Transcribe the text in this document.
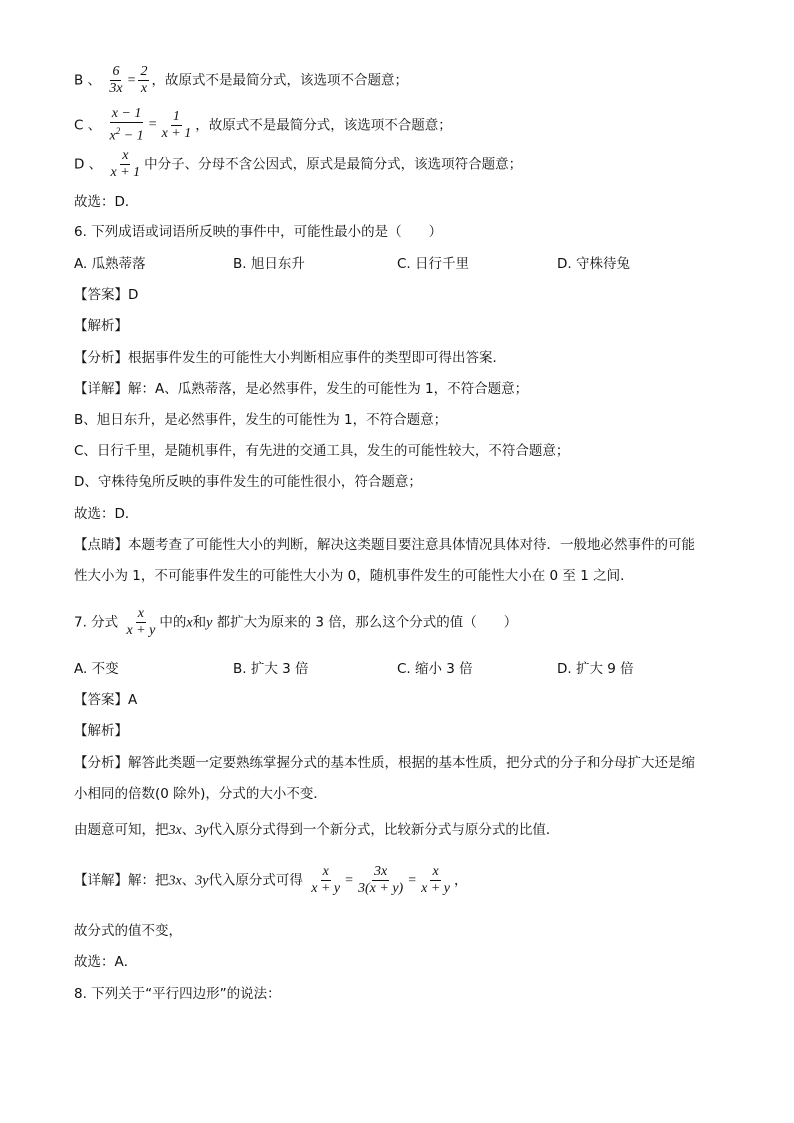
B 、 $\frac{6}{3x} = \frac{2}{x}$ ，故原式不是最简分式，该选项不合题意；
C 、 $\frac{x - 1}{x^2 - 1} = \frac{1}{x + 1}$ ，故原式不是最简分式，该选项不合题意；
D 、 $\frac{x}{x + 1}$ 中分子、分母不含公因式，原式是最简分式，该选项符合题意；
故选：D．
6. 下列成语或词语所反映的事件中，可能性最小的是（　　）
A. 瓜熟蒂落	B. 旭日东升	C. 日行千里	D. 守株待兔
【答案】D
【解析】
【分析】根据事件发生的可能性大小判断相应事件的类型即可得出答案．
【详解】解：A、瓜熟蒂落，是必然事件，发生的可能性为 1，不符合题意；
B、旭日东升，是必然事件，发生的可能性为 1，不符合题意；
C、日行千里，是随机事件，有先进的交通工具，发生的可能性较大，不符合题意；
D、守株待兔所反映的事件发生的可能性很小，符合题意；
故选：D．
【点睛】本题考查了可能性大小的判断，解决这类题目要注意具体情况具体对待．一般地必然事件的可能
性大小为 1，不可能事件发生的可能性大小为 0，随机事件发生的可能性大小在 0 至 1 之间．
7. 分式 $\frac{x}{x + y}$ 中的x和y 都扩大为原来的 3 倍，那么这个分式的值（　　）
A. 不变	B. 扩大 3 倍	C. 缩小 3 倍	D. 扩大 9 倍
【答案】A
【解析】
【分析】解答此类题一定要熟练掌握分式的基本性质，根据的基本性质，把分式的分子和分母扩大还是缩
小相同的倍数(0 除外)，分式的大小不变．
由题意可知，把3x、3y代入原分式得到一个新分式，比较新分式与原分式的比值．
【详解】解：把3x、3y代入原分式可得 $\frac{x}{x + y} = \frac{3x}{3(x + y)} = \frac{x}{x + y}$ ，
故分式的值不变，
故选：A．
8. 下列关于“平行四边形”的说法：
